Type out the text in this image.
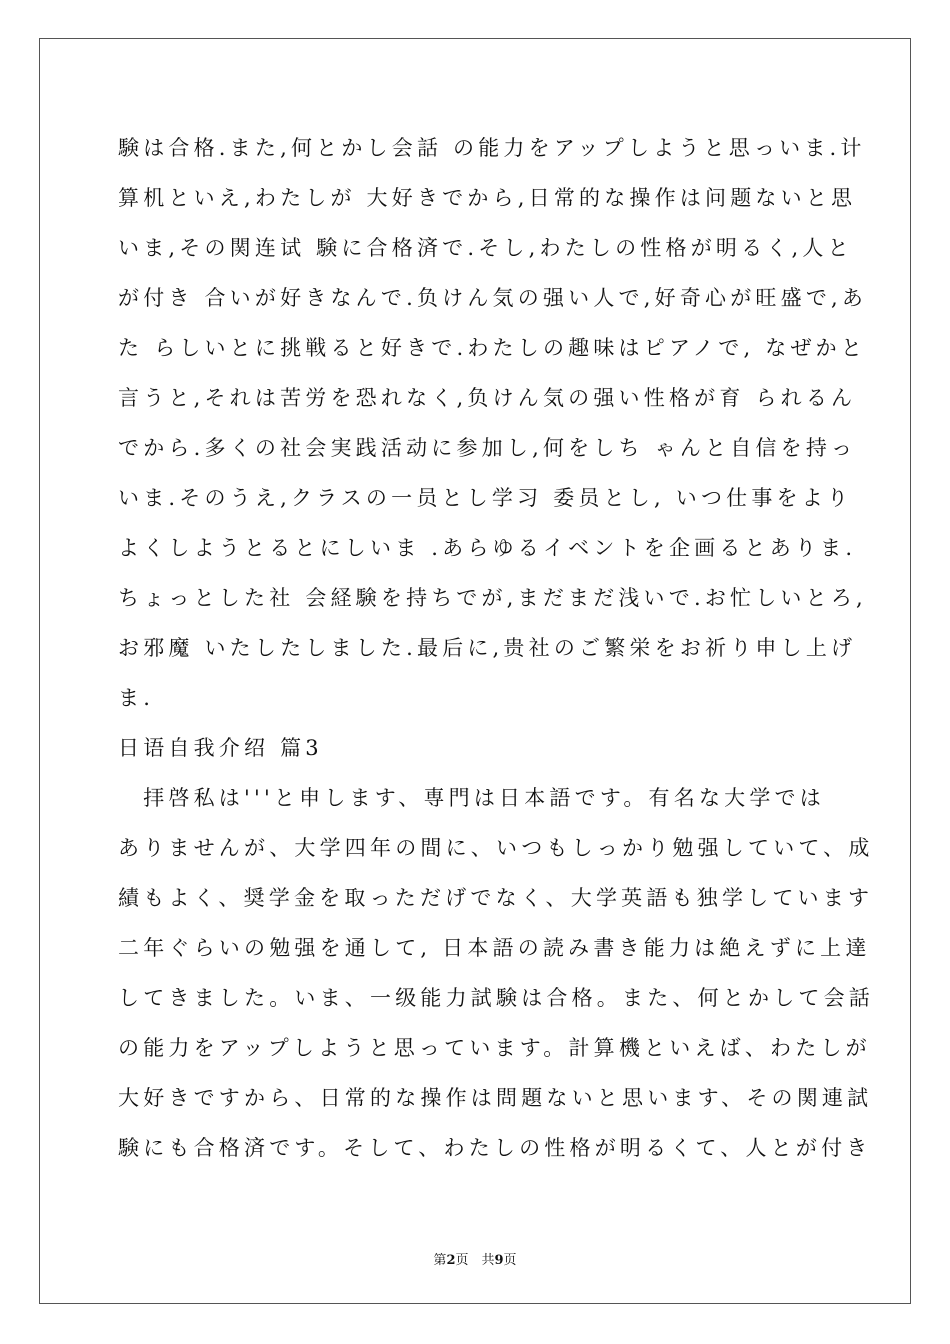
験は合格.また,何とかし会話 の能力をアップしようと思っいま.计
算机といえ,わたしが 大好きでから,日常的な操作は问题ないと思
いま,その関连试 験に合格済で.そし,わたしの性格が明るく,人と
が付き 合いが好きなんで.负けん気の强い人で,好奇心が旺盛で,あ
た らしいとに挑戦ると好きで.わたしの趣味はピアノで, なぜかと
言うと,それは苦労を恐れなく,负けん気の强い性格が育 られるん
でから.多くの社会実践活动に参加し,何をしち ゃんと自信を持っ
いま.そのうえ,クラスの一员とし学习 委员とし, いつ仕事をより
よくしようとるとにしいま .あらゆるイベントを企画るとありま.
ちょっとした社 会経験を持ちでが,まだまだ浅いで.お忙しいとろ,
お邪魔 いたしたしました.最后に,贵社のご繁栄をお祈り申し上げ
ま.
日语自我介绍 篇3
　拝啓私は'''と申します、専門は日本語です。有名な大学では
ありませんが、大学四年の間に、いつもしっかり勉强していて、成
績もよく、奨学金を取っただげでなく、大学英語も独学しています
二年ぐらいの勉强を通して, 日本語の読み書き能力は絶えずに上達
してきました。いま、一级能力試験は合格。また、何とかして会話
の能力をアップしようと思っています。計算機といえば、わたしが
大好きですから、日常的な操作は問題ないと思います、その関連試
験にも合格済です。そして、わたしの性格が明るくて、人とが付き
第2页　共9页
